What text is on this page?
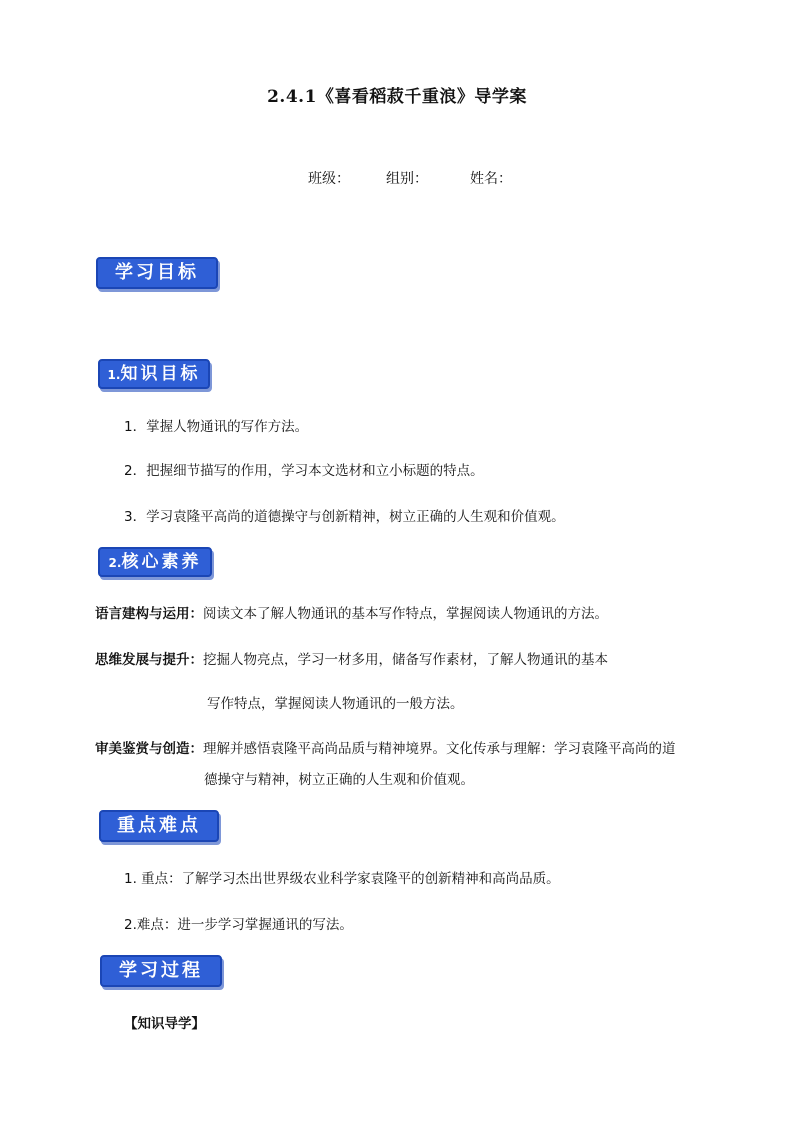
2.4.1《喜看稻菽千重浪》导学案
班级：	组别：	姓名：
学习目标
1.知识目标
1．掌握人物通讯的写作方法。
2．把握细节描写的作用，学习本文选材和立小标题的特点。
3．学习袁隆平高尚的道德操守与创新精神，树立正确的人生观和价值观。
2.核心素养
语言建构与运用：阅读文本了解人物通讯的基本写作特点，掌握阅读人物通讯的方法。
思维发展与提升：挖掘人物亮点，学习一材多用，储备写作素材，了解人物通讯的基本
写作特点，掌握阅读人物通讯的一般方法。
审美鉴赏与创造：理解并感悟袁隆平高尚品质与精神境界。文化传承与理解：学习袁隆平高尚的道
德操守与精神，树立正确的人生观和价值观。
重点难点
1. 重点：了解学习杰出世界级农业科学家袁隆平的创新精神和高尚品质。
2.难点：进一步学习掌握通讯的写法。
学习过程
【知识导学】
